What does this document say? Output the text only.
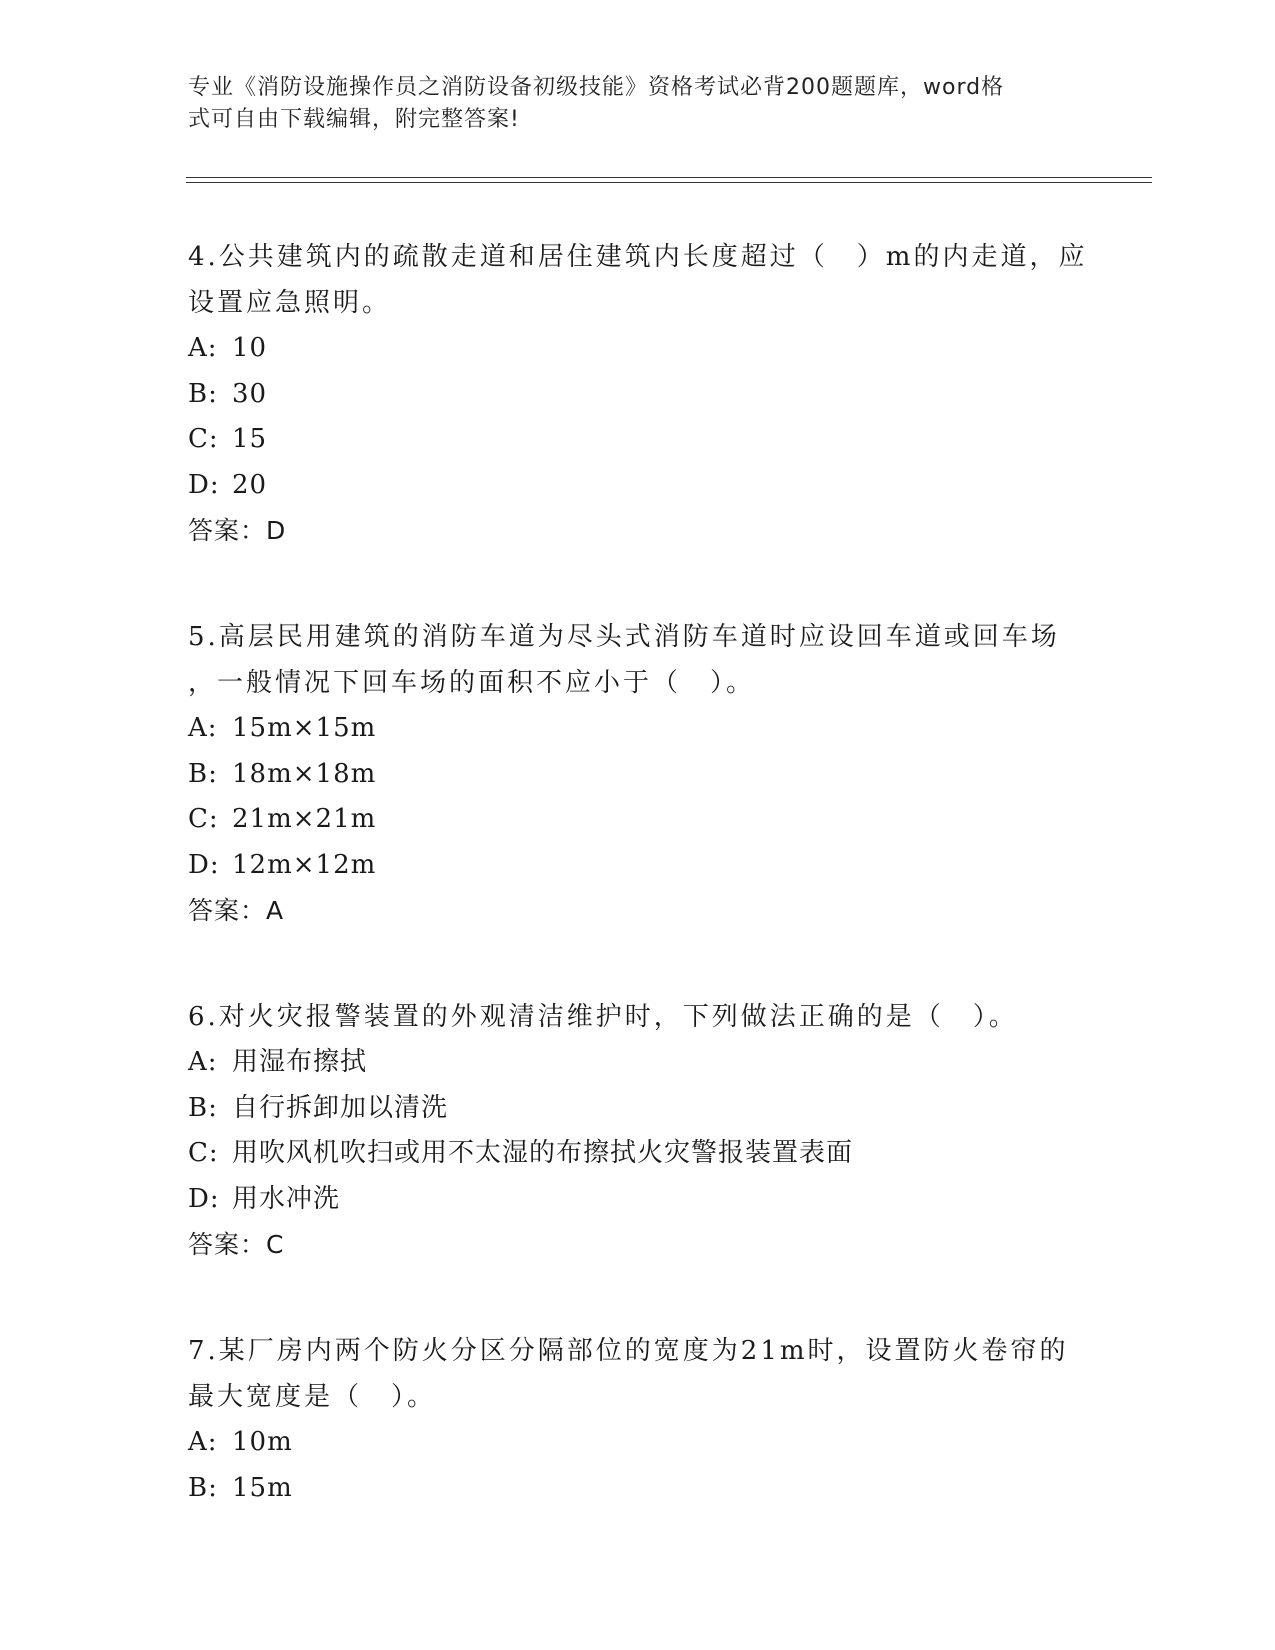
专业《消防设施操作员之消防设备初级技能》资格考试必背200题题库，word格
式可自由下载编辑，附完整答案!

4.公共建筑内的疏散走道和居住建筑内长度超过（　）m的内走道，应
设置应急照明。

A: 10

B: 30

C: 15

D: 20

答案：D

5.高层民用建筑的消防车道为尽头式消防车道时应设回车道或回车场
，一般情况下回车场的面积不应小于（　）。

A: 15m×15m

B: 18m×18m

C: 21m×21m

D: 12m×12m

答案：A

6.对火灾报警装置的外观清洁维护时，下列做法正确的是（　）。

A: 用湿布擦拭

B: 自行拆卸加以清洗

C: 用吹风机吹扫或用不太湿的布擦拭火灾警报装置表面

D: 用水冲洗

答案：C

7.某厂房内两个防火分区分隔部位的宽度为21m时，设置防火卷帘的
最大宽度是（　）。

A: 10m

B: 15m
